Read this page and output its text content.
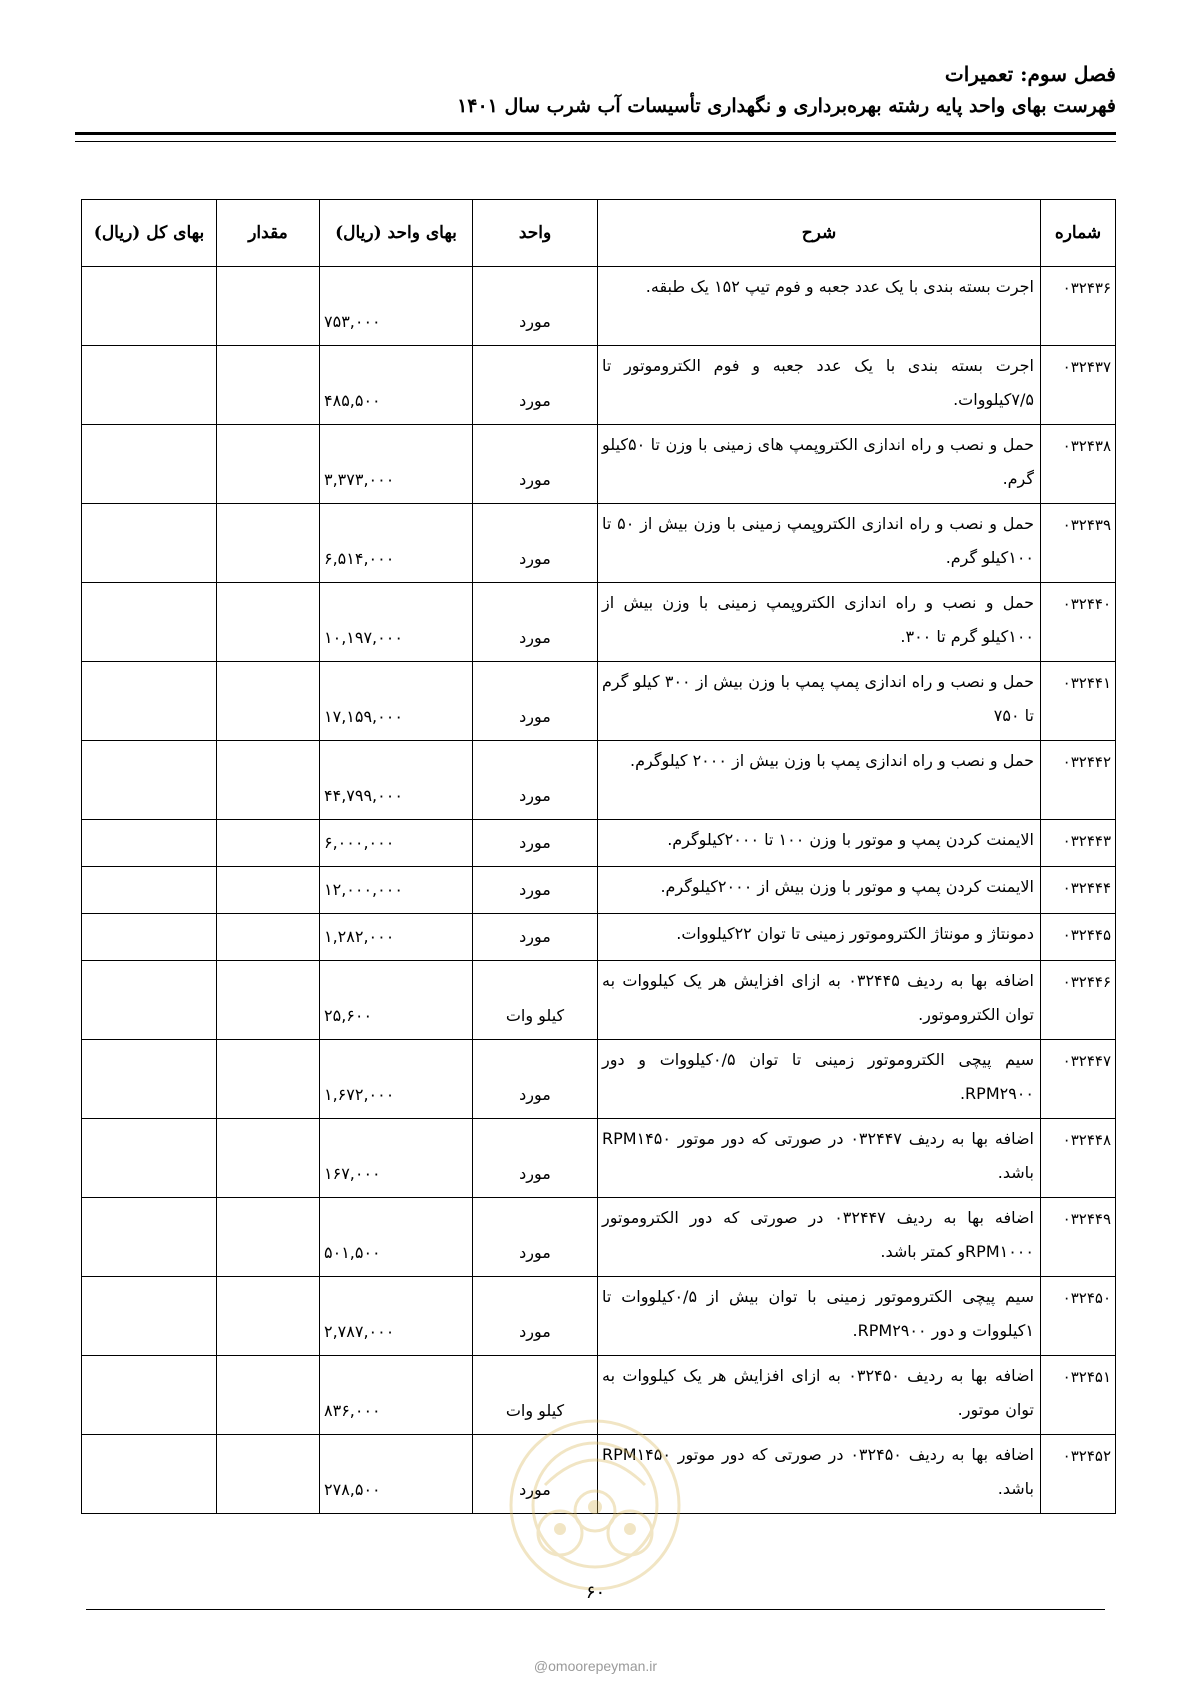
فصل سوم: تعمیرات
فهرست بهای واحد پایه رشته بهره‌برداری و نگهداری تأسیسات آب شرب سال ۱۴۰۱
شماره	شرح	واحد	بهای واحد (ریال)	مقدار	بهای کل (ریال)
۰۳۲۴۳۶	اجرت بسته بندی با یک عدد جعبه و فوم تیپ ۱۵۲ یک طبقه.	مورد	۷۵۳,۰۰۰		
۰۳۲۴۳۷	اجرت بسته بندی با یک عدد جعبه و فوم الکتروموتور تا ۷/۵کیلووات.	مورد	۴۸۵,۵۰۰		
۰۳۲۴۳۸	حمل و نصب و راه اندازی الکتروپمپ های زمینی با وزن تا ۵۰کیلو گرم.	مورد	۳,۳۷۳,۰۰۰		
۰۳۲۴۳۹	حمل و نصب و راه اندازی الکتروپمپ زمینی با وزن بیش از ۵۰ تا ۱۰۰کیلو گرم.	مورد	۶,۵۱۴,۰۰۰		
۰۳۲۴۴۰	حمل و نصب و راه اندازی الکتروپمپ زمینی با وزن بیش از ۱۰۰کیلو گرم تا ۳۰۰.	مورد	۱۰,۱۹۷,۰۰۰		
۰۳۲۴۴۱	حمل و نصب و راه اندازی پمپ پمپ با وزن بیش از ۳۰۰ کیلو گرم تا ۷۵۰	مورد	۱۷,۱۵۹,۰۰۰		
۰۳۲۴۴۲	حمل و نصب و راه اندازی پمپ با وزن بیش از ۲۰۰۰ کیلوگرم.	مورد	۴۴,۷۹۹,۰۰۰		
۰۳۲۴۴۳	الایمنت کردن پمپ و موتور با وزن ۱۰۰ تا ۲۰۰۰کیلوگرم.	مورد	۶,۰۰۰,۰۰۰		
۰۳۲۴۴۴	الایمنت کردن پمپ و موتور با وزن بیش از ۲۰۰۰کیلوگرم.	مورد	۱۲,۰۰۰,۰۰۰		
۰۳۲۴۴۵	دمونتاژ و مونتاژ الکتروموتور زمینی تا توان ۲۲کیلووات.	مورد	۱,۲۸۲,۰۰۰		
۰۳۲۴۴۶	اضافه بها به ردیف ۰۳۲۴۴۵ به ازای افزایش هر یک کیلووات به توان الکتروموتور.	کیلو وات	۲۵,۶۰۰		
۰۳۲۴۴۷	سیم پیچی الکتروموتور زمینی تا توان ۰/۵کیلووات و دور RPM۲۹۰۰.	مورد	۱,۶۷۲,۰۰۰		
۰۳۲۴۴۸	اضافه بها به ردیف ۰۳۲۴۴۷ در صورتی که دور موتور RPM۱۴۵۰ باشد.	مورد	۱۶۷,۰۰۰		
۰۳۲۴۴۹	اضافه بها به ردیف ۰۳۲۴۴۷ در صورتی که دور الکتروموتور RPM۱۰۰۰و کمتر باشد.	مورد	۵۰۱,۵۰۰		
۰۳۲۴۵۰	سیم پیچی الکتروموتور زمینی با توان بیش از ۰/۵کیلووات تا ۱کیلووات و دور RPM۲۹۰۰.	مورد	۲,۷۸۷,۰۰۰		
۰۳۲۴۵۱	اضافه بها به ردیف ۰۳۲۴۵۰ به ازای افزایش هر یک کیلووات به توان موتور.	کیلو وات	۸۳۶,۰۰۰		
۰۳۲۴۵۲	اضافه بها به ردیف ۰۳۲۴۵۰ در صورتی که دور موتور RPM۱۴۵۰ باشد.	مورد	۲۷۸,۵۰۰		
۶۰
@omoorepeyman.ir
